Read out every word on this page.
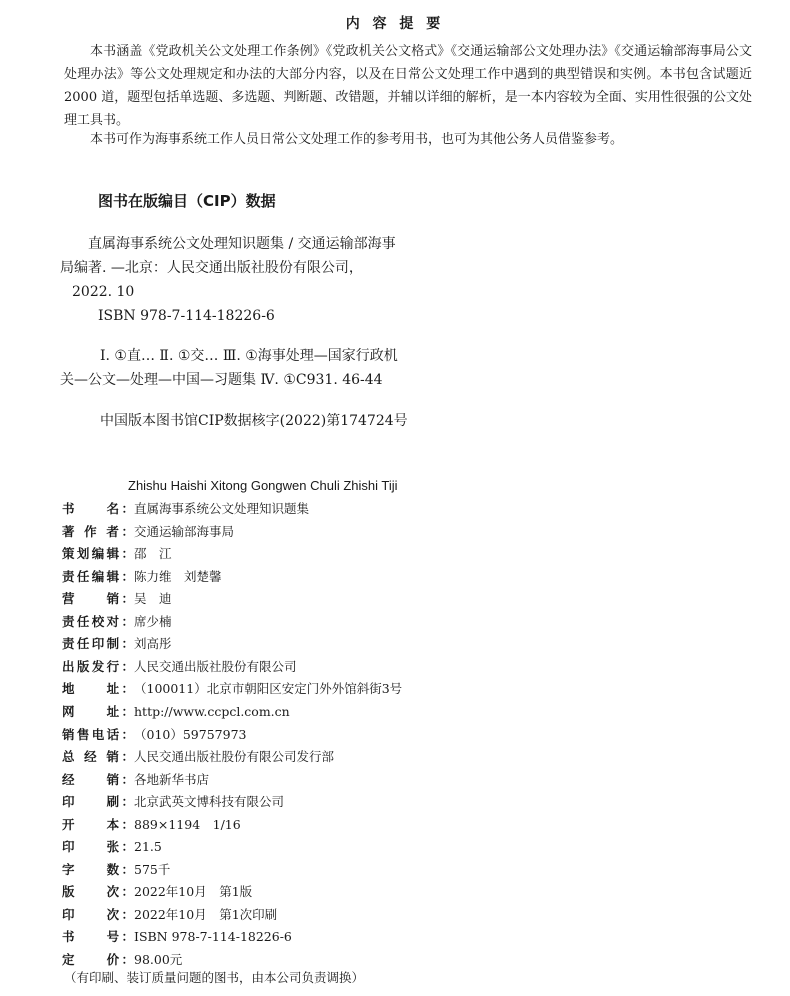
内 容 提 要

本书涵盖《党政机关公文处理工作条例》《党政机关公文格式》《交通运输部公文处理办法》《交通运输部海事局公文处理办法》等公文处理规定和办法的大部分内容，以及在日常公文处理工作中遇到的典型错误和实例。本书包含试题近 2000 道，题型包括单选题、多选题、判断题、改错题，并辅以详细的解析，是一本内容较为全面、实用性很强的公文处理工具书。

本书可作为海事系统工作人员日常公文处理工作的参考用书，也可为其他公务人员借鉴参考。

图书在版编目（CIP）数据
直属海事系统公文处理知识题集 / 交通运输部海事
局编著. —北京：人民交通出版社股份有限公司，
2022. 10
ISBN 978-7-114-18226-6
Ⅰ. ①直… Ⅱ. ①交… Ⅲ. ①海事处理—国家行政机
关—公文—处理—中国—习题集 Ⅳ. ①C931. 46-44
中国版本图书馆CIP数据核字(2022)第174724号
Zhishu Haishi Xitong Gongwen Chuli Zhishi Tiji
书　　名：直属海事系统公文处理知识题集
著 作 者：交通运输部海事局
策划编辑：邵　江
责任编辑：陈力维　刘楚馨
营　　销：吴　迪
责任校对：席少楠
责任印制：刘高彤
出版发行：人民交通出版社股份有限公司
地　　址：（100011）北京市朝阳区安定门外外馆斜街3号
网　　址：http://www.ccpcl.com.cn
销售电话：（010）59757973
总 经 销：人民交通出版社股份有限公司发行部
经　　销：各地新华书店
印　　刷：北京武英文博科技有限公司
开　　本：889×1194　1/16
印　　张：21.5
字　　数：575千
版　　次：2022年10月　第1版
印　　次：2022年10月　第1次印刷
书　　号：ISBN 978-7-114-18226-6
定　　价：98.00元
（有印刷、装订质量问题的图书，由本公司负责调换）
